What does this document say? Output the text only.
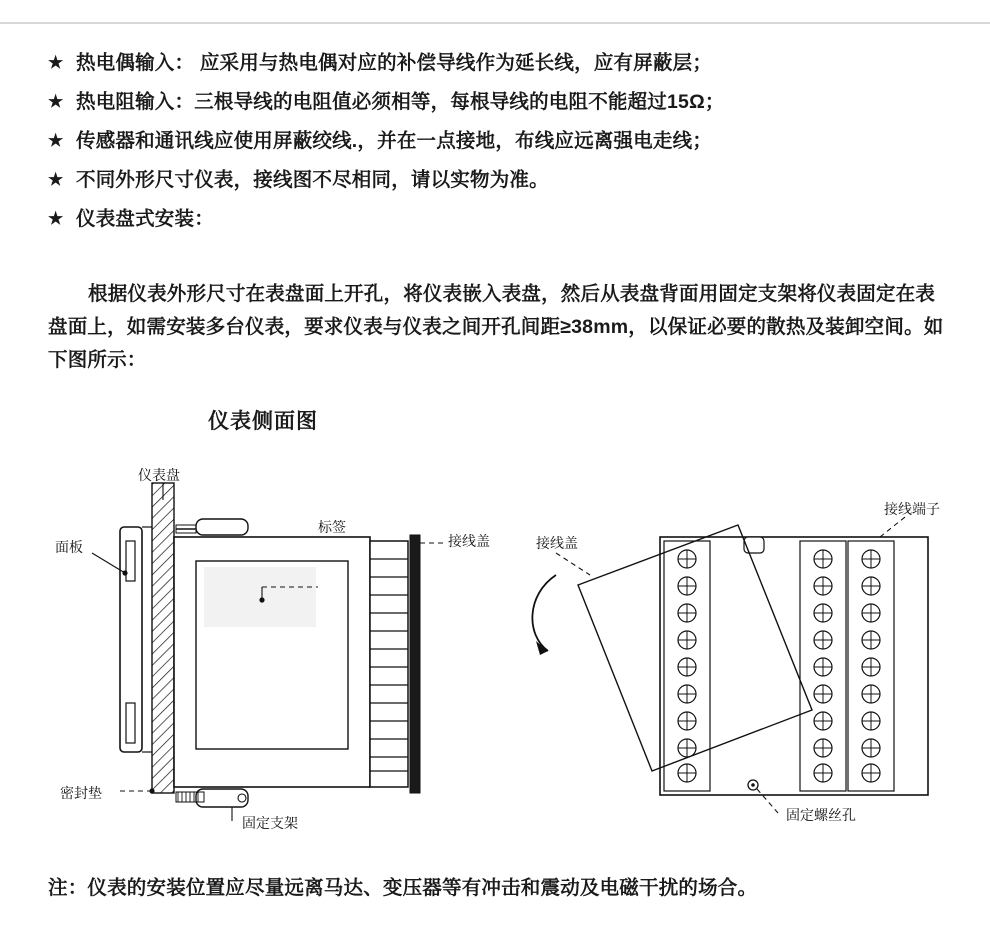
★ 热电偶输入： 应采用与热电偶对应的补偿导线作为延长线，应有屏蔽层；
★ 热电阻输入：三根导线的电阻值必须相等，每根导线的电阻不能超过15Ω；
★ 传感器和通讯线应使用屏蔽绞线.，并在一点接地，布线应远离强电走线；
★ 不同外形尺寸仪表，接线图不尽相同，请以实物为准。
★ 仪表盘式安装：
根据仪表外形尺寸在表盘面上开孔，将仪表嵌入表盘，然后从表盘背面用固定支架将仪表固定在表盘面上，如需安装多台仪表，要求仪表与仪表之间开孔间距≥38mm，以保证必要的散热及装卸空间。如下图所示：
仪表侧面图
仪表盘
面板
标签
接线盖	接线盖
接线端子
密封垫
固定支架	固定螺丝孔
注：仪表的安装位置应尽量远离马达、变压器等有冲击和震动及电磁干扰的场合。
